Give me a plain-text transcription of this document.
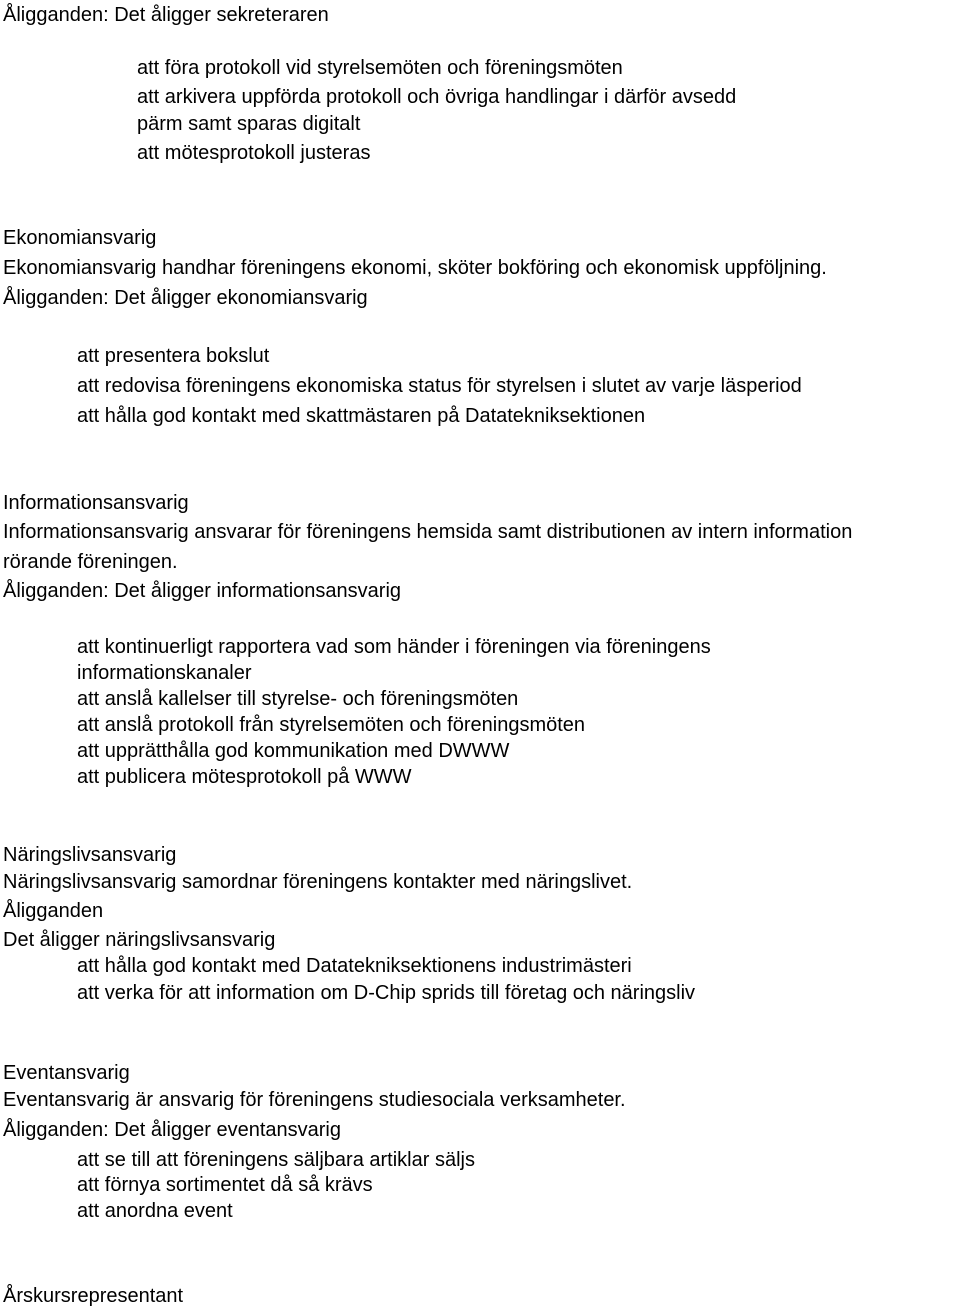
Åligganden: Det åligger sekreteraren
att föra protokoll vid styrelsemöten och föreningsmöten
att arkivera uppförda protokoll och övriga handlingar i därför avsedd
pärm samt sparas digitalt
att mötesprotokoll justeras
Ekonomiansvarig
Ekonomiansvarig handhar föreningens ekonomi, sköter bokföring och ekonomisk uppföljning.
Åligganden: Det åligger ekonomiansvarig
att presentera bokslut
att redovisa föreningens ekonomiska status för styrelsen i slutet av varje läsperiod
att hålla god kontakt med skattmästaren på Datatekniksektionen
Informationsansvarig
Informationsansvarig ansvarar för föreningens hemsida samt distributionen av intern information
rörande föreningen.
Åligganden: Det åligger informationsansvarig
att kontinuerligt rapportera vad som händer i föreningen via föreningens
informationskanaler
att anslå kallelser till styrelse- och föreningsmöten
att anslå protokoll från styrelsemöten och föreningsmöten
att upprätthålla god kommunikation med DWWW
att publicera mötesprotokoll på WWW
Näringslivsansvarig
Näringslivsansvarig samordnar föreningens kontakter med näringslivet.
Åligganden
Det åligger näringslivsansvarig
att hålla god kontakt med Datatekniksektionens industrimästeri
att verka för att information om D-Chip sprids till företag och näringsliv
Eventansvarig
Eventansvarig är ansvarig för föreningens studiesociala verksamheter.
Åligganden: Det åligger eventansvarig
att se till att föreningens säljbara artiklar säljs
att förnya sortimentet då så krävs
att anordna event
Årskursrepresentant
